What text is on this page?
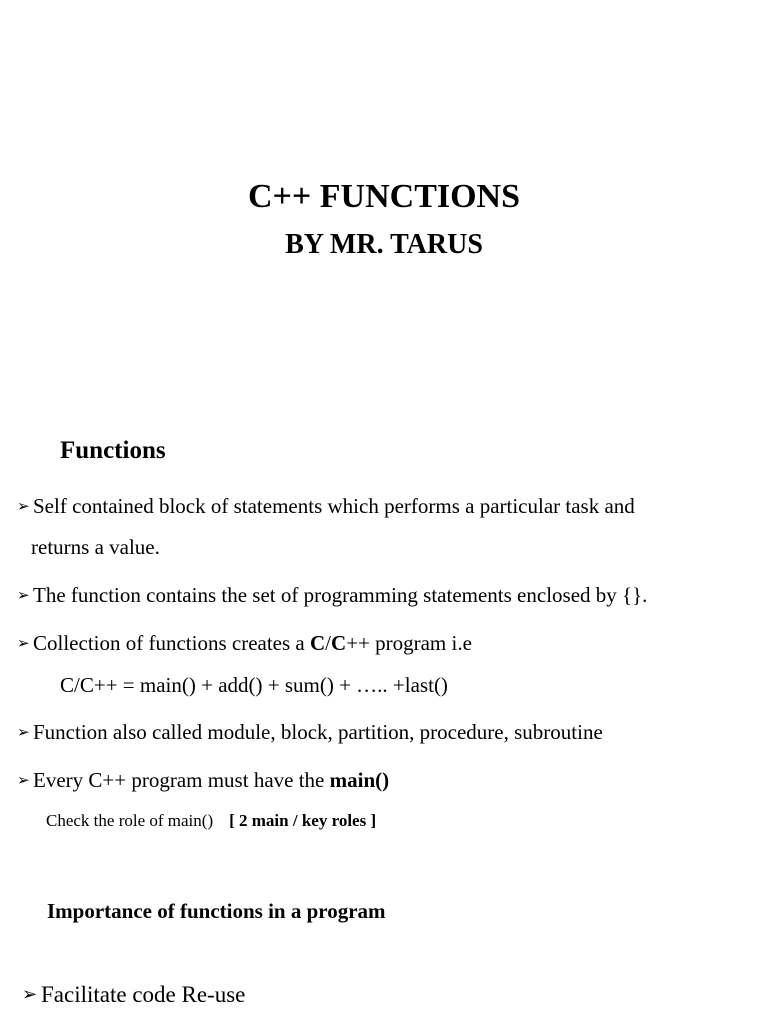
C++ FUNCTIONS
BY MR. TARUS
Functions
➢ Self contained block of statements which performs a particular task and
returns a value.
➢ The function contains the set of programming statements enclosed by {}.
➢ Collection of functions creates a C/C++ program i.e
C/C++ = main() + add() + sum() + ….. +last()
➢ Function also called module, block, partition, procedure, subroutine
➢ Every C++ program must have the main()
Check the role of main() [ 2 main / key roles ]
Importance of functions in a program
➢ Facilitate code Re-use
